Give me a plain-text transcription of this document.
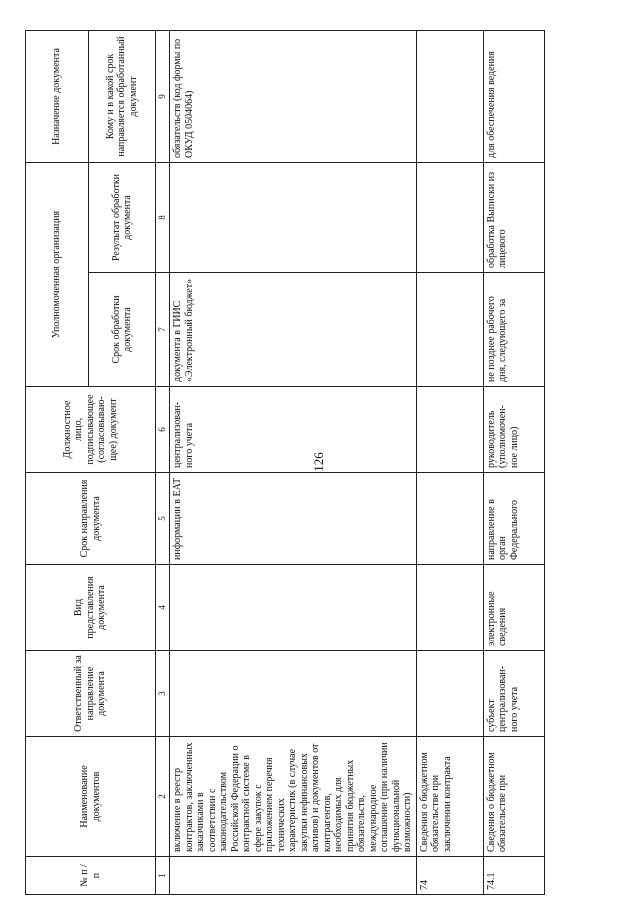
126
№ п / п	Наименование документов	Ответственный за направление документа	Вид представления документа	Срок направления документа	Должностное лицо, подписывающее (согласовываю-щее) документ	Уполномоченная организация		Назначение документа
						Срок обработки документа	Результат обработки документа	Кому и в какой срок направляется обработанный документ
1	2	3	4	5	6	7	8	9
	включение в реестр контрактов, заключенных заказчиками в соответствии с законодательством Российской Федерации о контрактной системе в сфере закупок с приложением перечня технических характеристик (в случае закупки нефинансовых активов) и документов от контрагентов, необходимых для принятия бюджетных обязательств, международное соглашение (при наличии функциональной возможности)			информации в ЕАТ	централизован-ного учета	документа в ГИИС «Электронный бюджет»		обязательств (код формы по ОКУД 0504064)
74	Сведения о бюджетном обязательстве при заключении контракта							
74.1	Сведения о бюджетном обязательстве при	субъект централизован-ного учета	электронные сведения	направление в орган Федерального	руководитель (уполномочен-ное лицо)	не позднее рабочего дня, следующего за	обработка Выписки из лицевого	для обеспечения ведения
